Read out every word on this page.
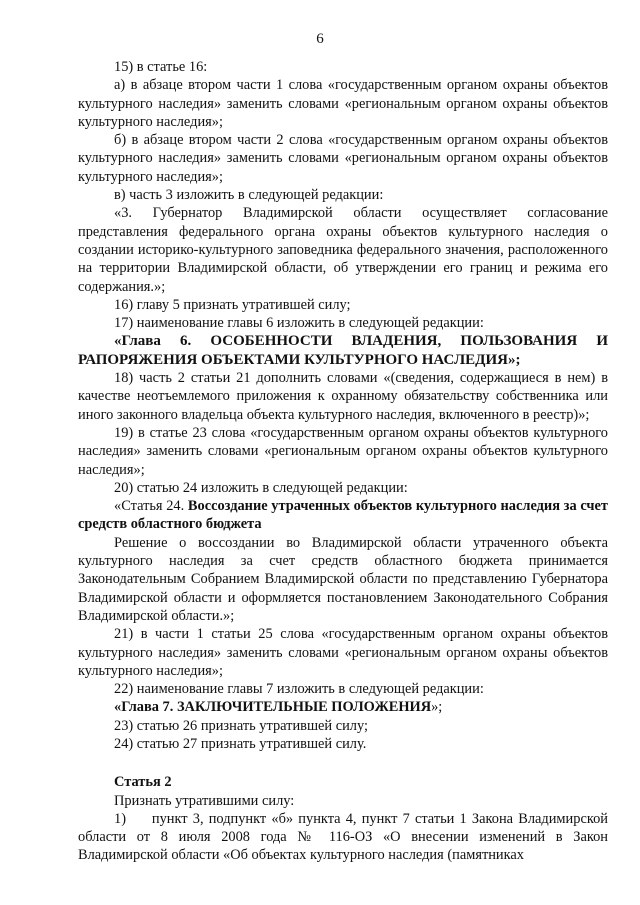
6

15) в статье 16:

а) в абзаце втором части 1 слова «государственным органом охраны объектов культурного наследия» заменить словами «региональным органом охраны объектов культурного наследия»;

б) в абзаце втором части 2 слова «государственным органом охраны объектов культурного наследия» заменить словами «региональным органом охраны объектов культурного наследия»;

в) часть 3 изложить в следующей редакции:

«3. Губернатор Владимирской области осуществляет согласование представления федерального органа охраны объектов культурного наследия о создании историко-культурного заповедника федерального значения, расположенного на территории Владимирской области, об утверждении его границ и режима его содержания.»;

16) главу 5 признать утратившей силу;

17) наименование главы 6 изложить в следующей редакции:

«Глава 6. ОСОБЕННОСТИ ВЛАДЕНИЯ, ПОЛЬЗОВАНИЯ И РАПОРЯЖЕНИЯ ОБЪЕКТАМИ КУЛЬТУРНОГО НАСЛЕДИЯ»;

18) часть 2 статьи 21 дополнить словами «(сведения, содержащиеся в нем) в качестве неотъемлемого приложения к охранному обязательству собственника или иного законного владельца объекта культурного наследия, включенного в реестр)»;

19) в статье 23 слова «государственным органом охраны объектов культурного наследия» заменить словами «региональным органом охраны объектов культурного наследия»;

20) статью 24 изложить в следующей редакции:

«Статья 24. Воссоздание утраченных объектов культурного наследия за счет средств областного бюджета

Решение о воссоздании во Владимирской области утраченного объекта культурного наследия за счет средств областного бюджета принимается Законодательным Собранием Владимирской области по представлению Губернатора Владимирской области и оформляется постановлением Законодательного Собрания Владимирской области.»;

21) в части 1 статьи 25 слова «государственным органом охраны объектов культурного наследия» заменить словами «региональным органом охраны объектов культурного наследия»;

22) наименование главы 7 изложить в следующей редакции:

«Глава 7. ЗАКЛЮЧИТЕЛЬНЫЕ ПОЛОЖЕНИЯ»;

23) статью 26 признать утратившей силу;

24) статью 27 признать утратившей силу.

Статья 2

Признать утратившими силу:

1)     пункт 3, подпункт «б» пункта 4, пункт 7 статьи 1 Закона Владимирской области от 8 июля 2008 года № 116-ОЗ «О внесении изменений в Закон Владимирской области «Об объектах культурного наследия (памятниках
